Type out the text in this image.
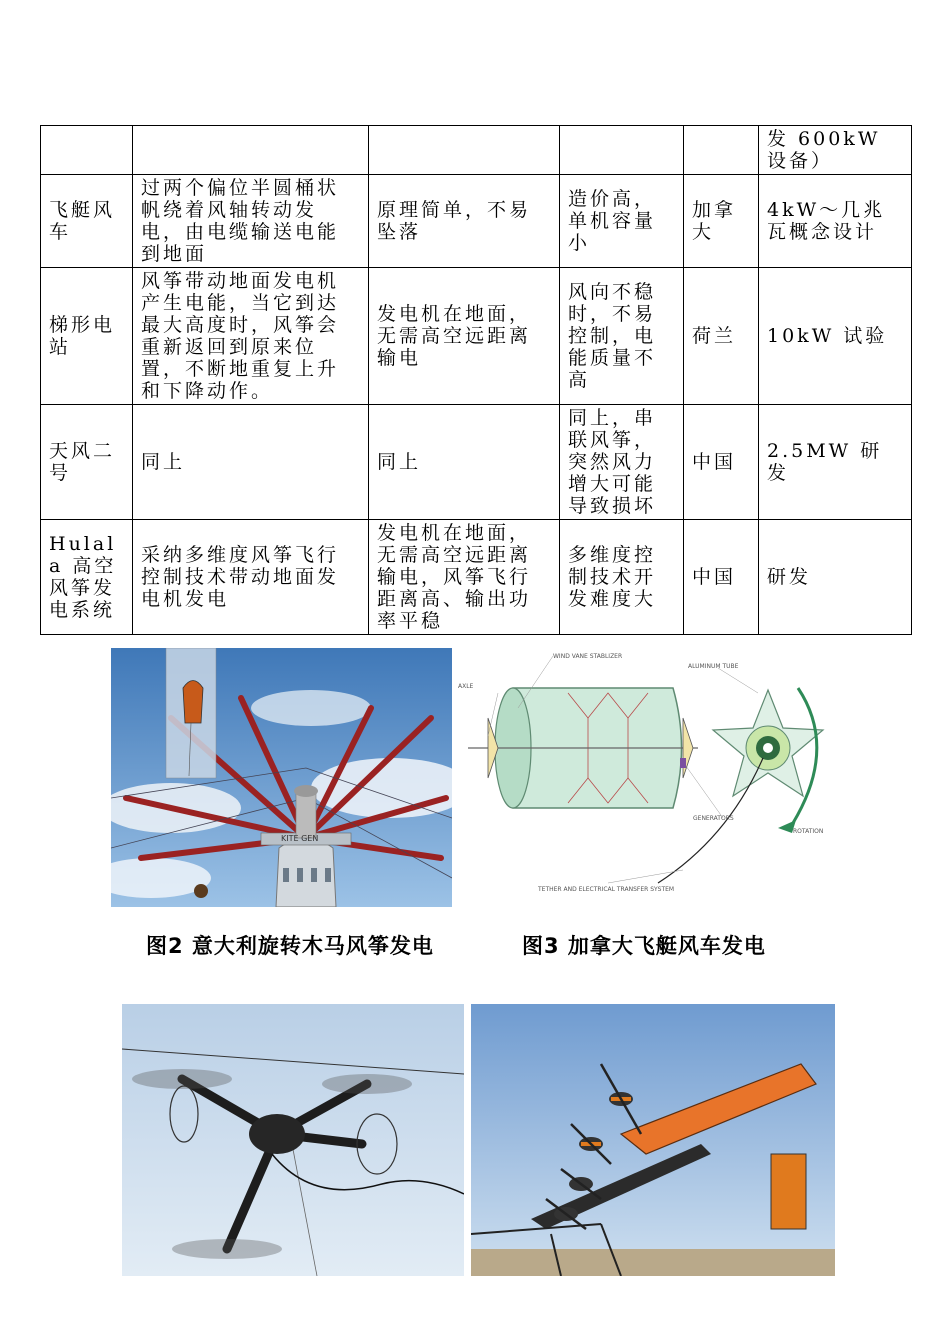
					发 600kW 设备）
飞艇风车	过两个偏位半圆桶状帆绕着风轴转动发电，由电缆输送电能到地面	原理简单，不易坠落	造价高，单机容量小	加拿大	4kW～几兆瓦概念设计
梯形电站	风筝带动地面发电机产生电能，当它到达最大高度时，风筝会重新返回到原来位置，不断地重复上升和下降动作。	发电机在地面，无需高空远距离输电	风向不稳时，不易控制，电能质量不高	荷兰	10kW 试验
天风二号	同上	同上	同上，串联风筝，突然风力增大可能导致损坏	中国	2.5MW 研发
Hulala 高空风筝发电系统	采纳多维度风筝飞行控制技术带动地面发电机发电	发电机在地面，无需高空远距离输电，风筝飞行距离高、输出功率平稳	多维度控制技术开发难度大	中国	研发
KITE GEN
WIND VANE STABLIZER
ALUMINUM TUBE
AXLE
GENERATORS
ROTATION
TETHER AND ELECTRICAL TRANSFER SYSTEM
图2 意大利旋转木马风筝发电	图3 加拿大飞艇风车发电
